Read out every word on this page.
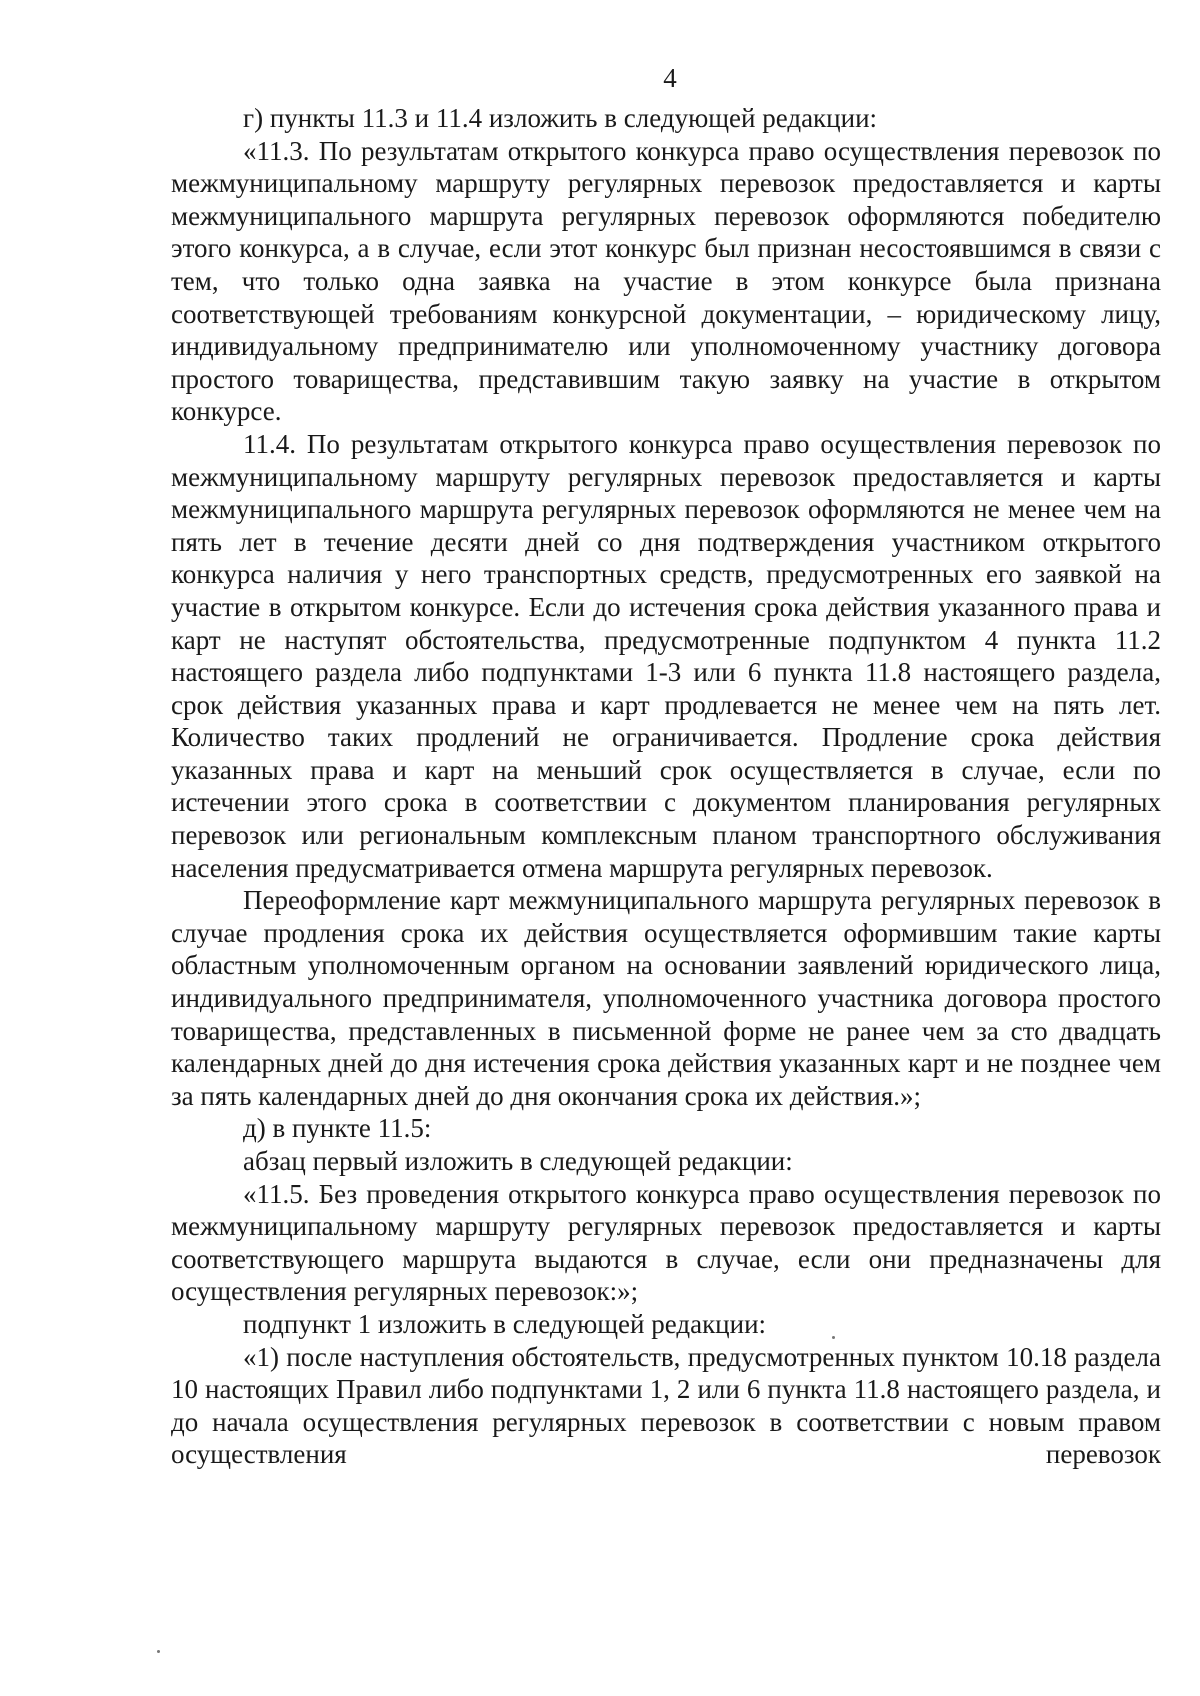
4

г) пункты 11.3 и 11.4 изложить в следующей редакции:

«11.3. По результатам открытого конкурса право осуществления перевозок по межмуниципальному маршруту регулярных перевозок предоставляется и карты межмуниципального маршрута регулярных перевозок оформляются победителю этого конкурса, а в случае, если этот конкурс был признан несостоявшимся в связи с тем, что только одна заявка на участие в этом конкурсе была признана соответствующей требованиям конкурсной документации, – юридическому лицу, индивидуальному предпринимателю или уполномоченному участнику договора простого товарищества, представившим такую заявку на участие в открытом конкурсе.

11.4. По результатам открытого конкурса право осуществления перевозок по межмуниципальному маршруту регулярных перевозок предоставляется и карты межмуниципального маршрута регулярных перевозок оформляются не менее чем на пять лет в течение десяти дней со дня подтверждения участником открытого конкурса наличия у него транспортных средств, предусмотренных его заявкой на участие в открытом конкурсе. Если до истечения срока действия указанного права и карт не наступят обстоятельства, предусмотренные подпунктом 4 пункта 11.2 настоящего раздела либо подпунктами 1-3 или 6 пункта 11.8 настоящего раздела, срок действия указанных права и карт продлевается не менее чем на пять лет. Количество таких продлений не ограничивается. Продление срока действия указанных права и карт на меньший срок осуществляется в случае, если по истечении этого срока в соответствии с документом планирования регулярных перевозок или региональным комплексным планом транспортного обслуживания населения предусматривается отмена маршрута регулярных перевозок.

Переоформление карт межмуниципального маршрута регулярных перевозок в случае продления срока их действия осуществляется оформившим такие карты областным уполномоченным органом на основании заявлений юридического лица, индивидуального предпринимателя, уполномоченного участника договора простого товарищества, представленных в письменной форме не ранее чем за сто двадцать календарных дней до дня истечения срока действия указанных карт и не позднее чем за пять календарных дней до дня окончания срока их действия.»;

д) в пункте 11.5:

абзац первый изложить в следующей редакции:

«11.5. Без проведения открытого конкурса право осуществления перевозок по межмуниципальному маршруту регулярных перевозок предоставляется и карты соответствующего маршрута выдаются в случае, если они предназначены для осуществления регулярных перевозок:»;

подпункт 1 изложить в следующей редакции:

«1) после наступления обстоятельств, предусмотренных пунктом 10.18 раздела 10 настоящих Правил либо подпунктами 1, 2 или 6 пункта 11.8 настоящего раздела, и до начала осуществления регулярных перевозок в соответствии с новым правом осуществления перевозок
